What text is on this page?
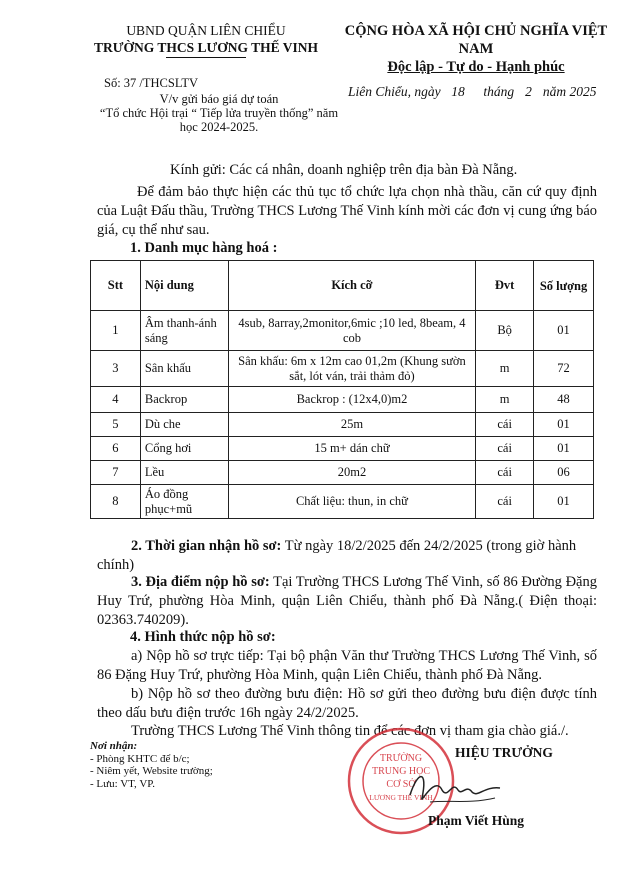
UBND QUẬN LIÊN CHIỂU
TRƯỜNG THCS LƯƠNG THẾ VINH
CỘNG HÒA XÃ HỘI CHỦ NGHĨA VIỆT NAM
Độc lập - Tự do - Hạnh phúc
Số: 37 /THCSLTV
V/v gửi báo giá dự toán
“Tổ chức Hội trại “ Tiếp lửa truyền thống” năm
học 2024-2025.
Liên Chiểu, ngày 18 tháng 2 năm 2025
Kính gửi: Các cá nhân, doanh nghiệp trên địa bàn Đà Nẵng.
Để đảm bảo thực hiện các thủ tục tổ chức lựa chọn nhà thầu, căn cứ quy định của Luật Đấu thầu, Trường THCS Lương Thế Vinh kính mời các đơn vị cung ứng báo giá, cụ thể như sau.
1. Danh mục hàng hoá :
Stt	Nội dung	Kích cỡ	Đvt	Số lượng
1	Âm thanh-ánh sáng	4sub, 8array,2monitor,6mic ;10 led, 8beam, 4 cob	Bộ	01
3	Sân khấu	Sân khấu: 6m x 12m cao 01,2m (Khung sườn sắt, lót ván, trải thảm đỏ)	m	72
4	Backrop	Backrop : (12x4,0)m2	m	48
5	Dù che	25m	cái	01
6	Cổng hơi	15 m+ dán chữ	cái	01
7	Lều	20m2	cái	06
8	Áo đồng phục+mũ	Chất liệu: thun, in chữ	cái	01
2. Thời gian nhận hồ sơ: Từ ngày 18/2/2025 đến 24/2/2025 (trong giờ hành chính)
3. Địa điểm nộp hồ sơ: Tại Trường THCS Lương Thế Vinh, số 86 Đường Đặng Huy Trứ, phường Hòa Minh, quận Liên Chiểu, thành phố Đà Nẵng.( Điện thoại: 02363.740209).
4. Hình thức nộp hồ sơ:
a) Nộp hồ sơ trực tiếp: Tại bộ phận Văn thư Trường THCS Lương Thế Vinh, số 86 Đặng Huy Trứ, phường Hòa Minh, quận Liên Chiểu, thành phố Đà Nẵng.
b) Nộp hồ sơ theo đường bưu điện: Hồ sơ gửi theo đường bưu điện được tính theo dấu bưu điện trước 16h ngày 24/2/2025.
Trường THCS Lương Thế Vinh thông tin để các đơn vị tham gia chào giá./.
Nơi nhận:
- Phòng KHTC để b/c;
- Niêm yết, Website trường;
- Lưu: VT, VP.
TRƯỜNG
TRUNG HỌC
CƠ SỞ
LƯƠNG THẾ VINH
HIỆU TRƯỞNG
Phạm Viết Hùng
